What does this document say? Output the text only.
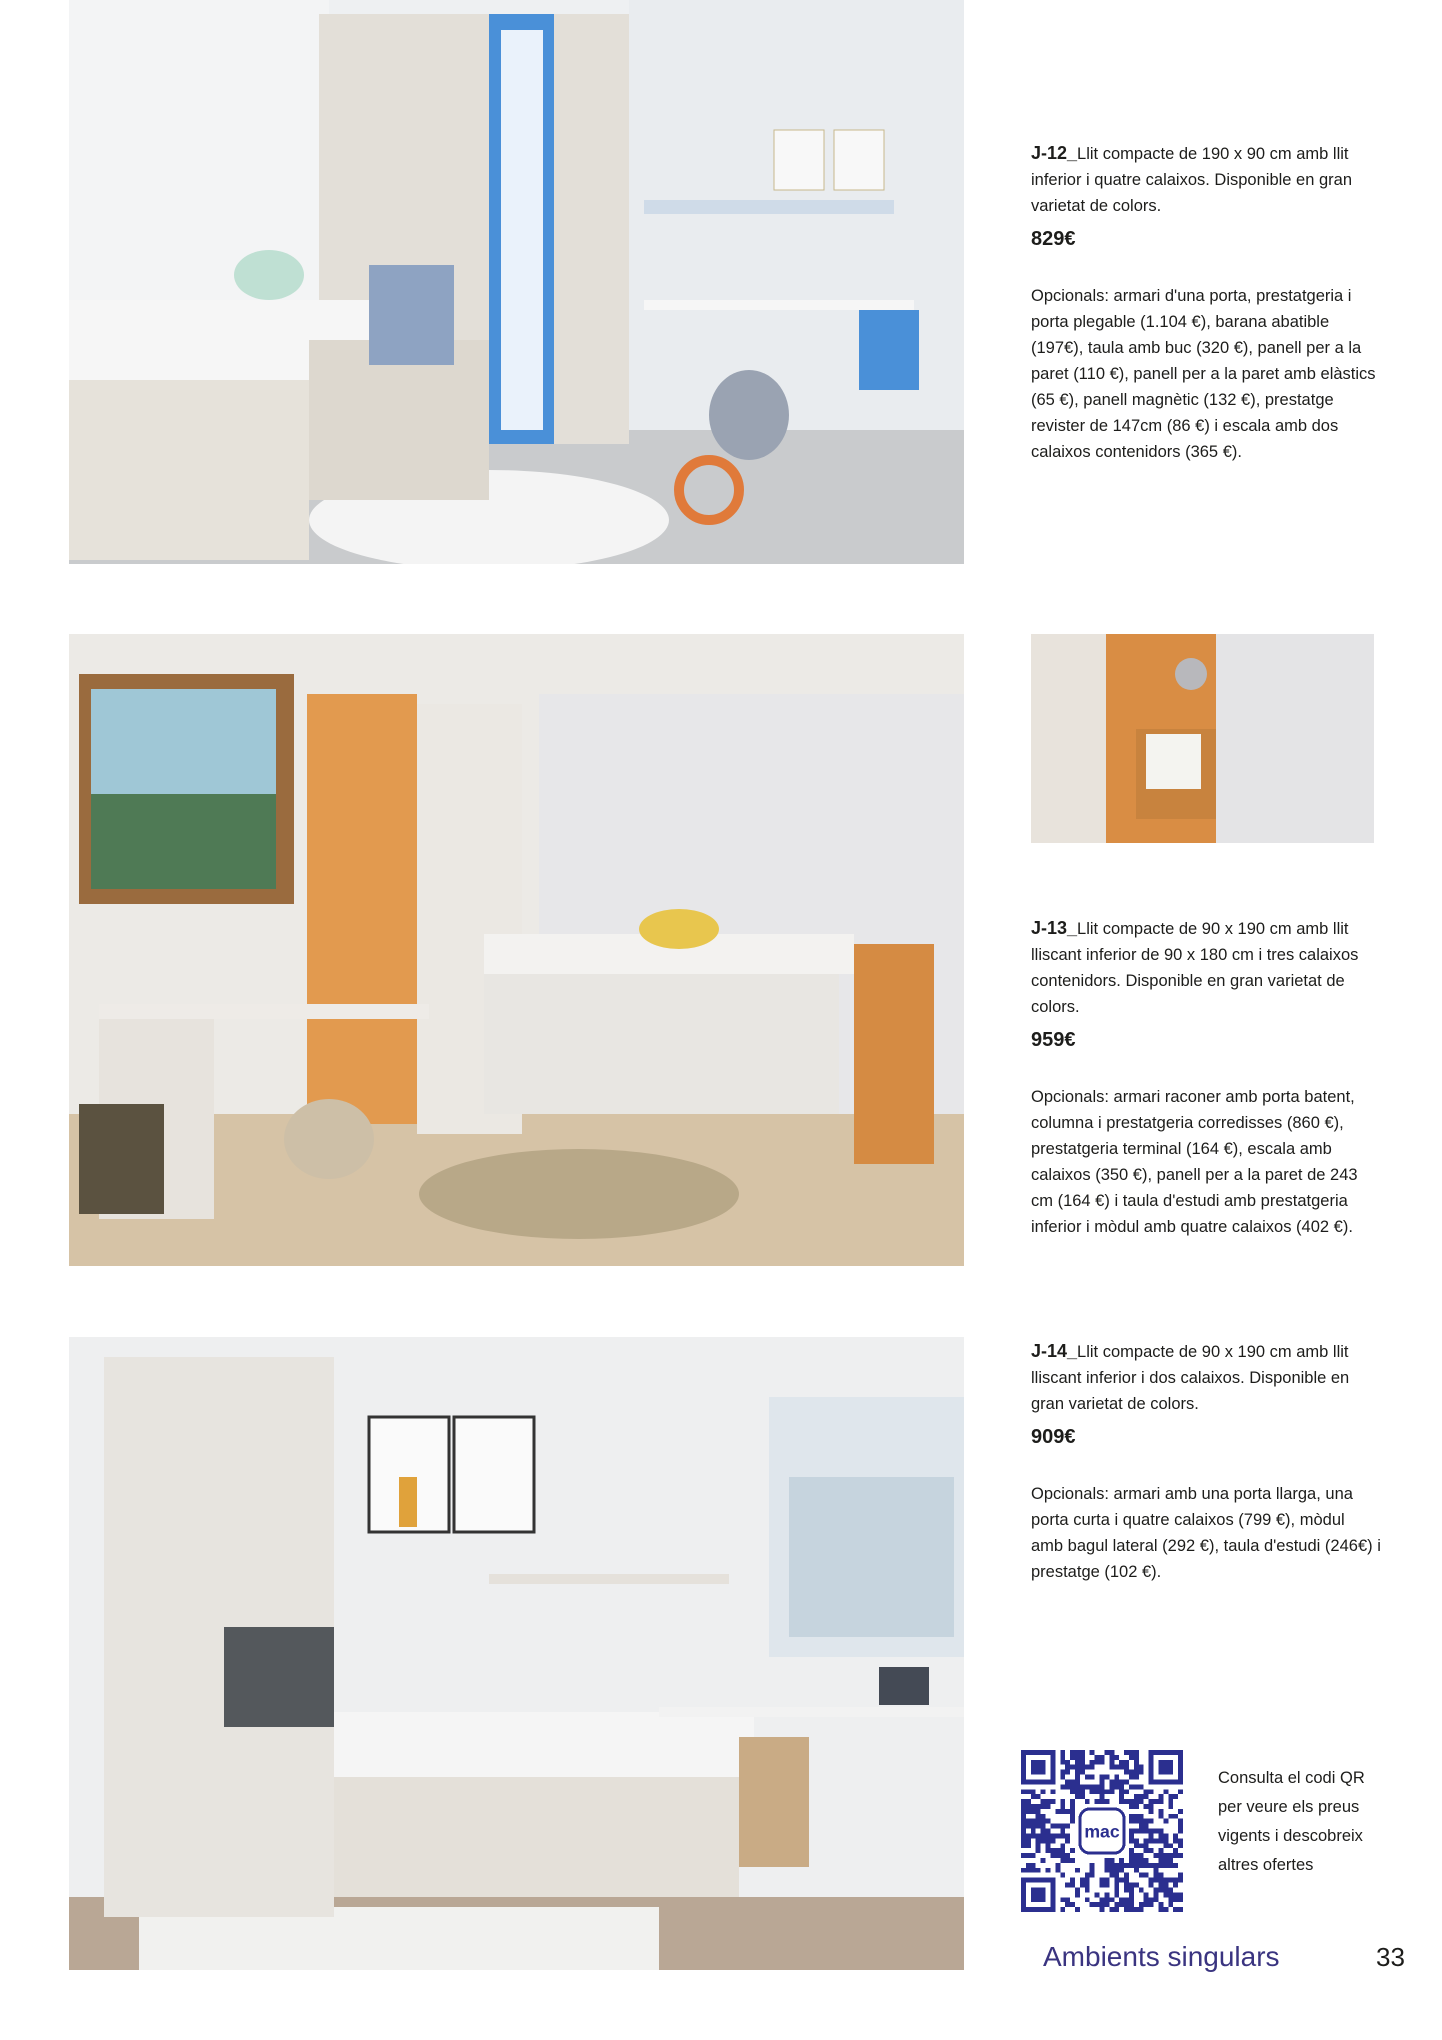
J-12_Llit compacte de 190 x 90 cm amb llit inferior i quatre calaixos. Disponible en gran varietat de colors.

829€

Opcionals: armari d'una porta, prestatgeria i porta plegable (1.104 €), barana abatible (197€), taula amb buc (320 €), panell per a la paret (110 €), panell per a la paret amb elàstics (65 €), panell magnètic (132 €), prestatge revister de 147cm (86 €) i escala amb dos calaixos contenidors (365 €).

J-13_Llit compacte de 90 x 190 cm amb llit lliscant inferior de 90 x 180 cm i tres calaixos contenidors. Disponible en gran varietat de colors.

959€

Opcionals: armari raconer amb porta batent, columna i prestatgeria corredisses (860 €), prestatgeria terminal (164 €), escala amb calaixos (350 €), panell per a la paret de 243 cm (164 €) i taula d'estudi amb prestatgeria inferior i mòdul amb quatre calaixos (402 €).

J-14_Llit compacte de 90 x 190 cm amb llit lliscant inferior i dos calaixos. Disponible en gran varietat de colors.

909€

Opcionals: armari amb una porta llarga, una porta curta i quatre calaixos (799 €), mòdul amb bagul lateral (292 €), taula d'estudi (246€) i prestatge (102 €).

mac
Consulta el codi QR per veure els preus vigents i descobreix altres ofertes
Ambients singulars	33
